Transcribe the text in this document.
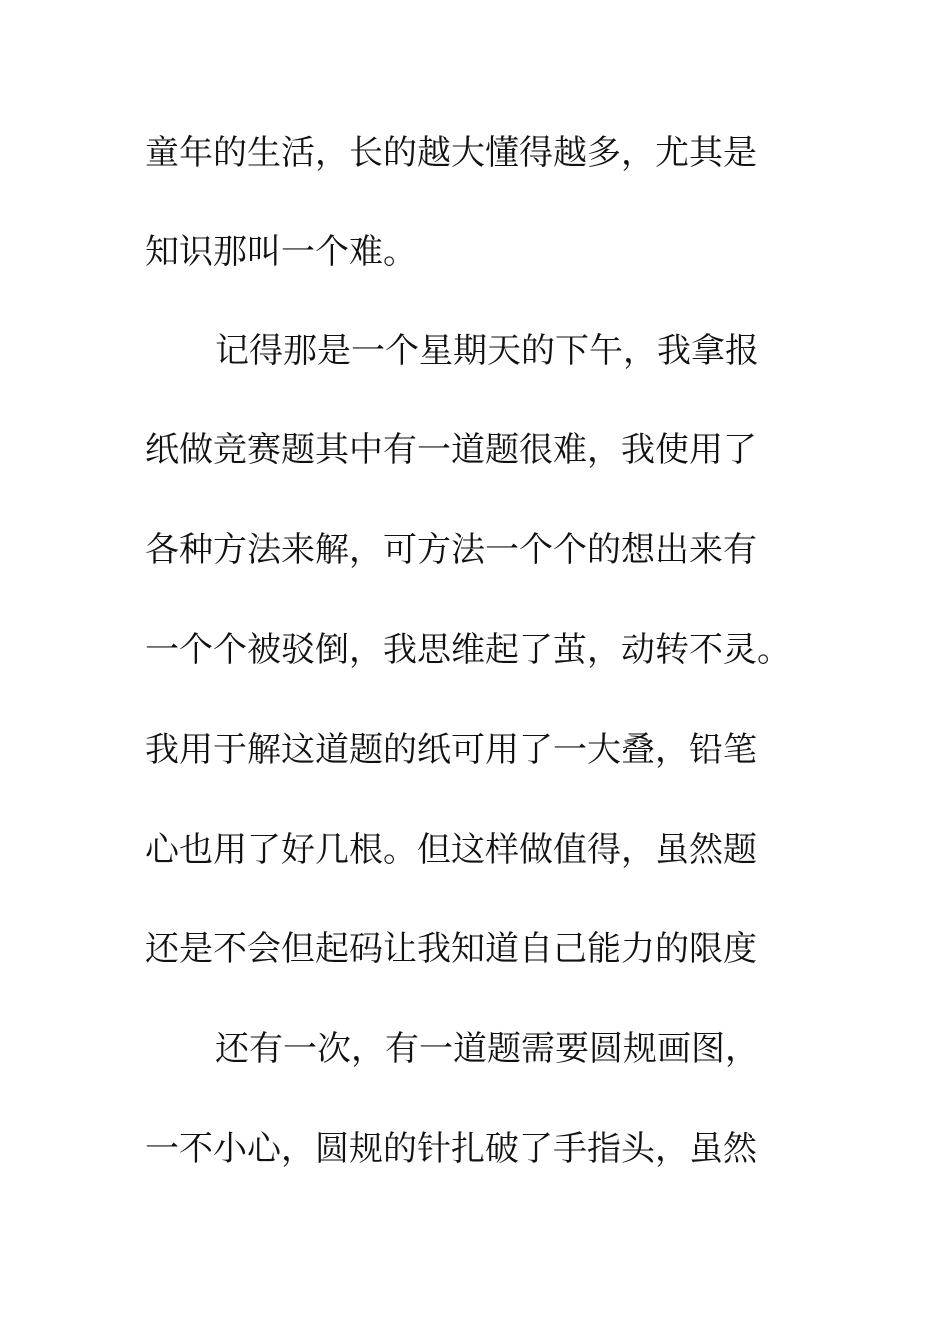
童年的生活，长的越大懂得越多，尤其是
知识那叫一个难。
记得那是一个星期天的下午，我拿报
纸做竞赛题其中有一道题很难，我使用了
各种方法来解，可方法一个个的想出来有
一个个被驳倒，我思维起了茧，动转不灵。
我用于解这道题的纸可用了一大叠，铅笔
心也用了好几根。但这样做值得，虽然题
还是不会但起码让我知道自己能力的限度
还有一次，有一道题需要圆规画图，
一不小心，圆规的针扎破了手指头，虽然
